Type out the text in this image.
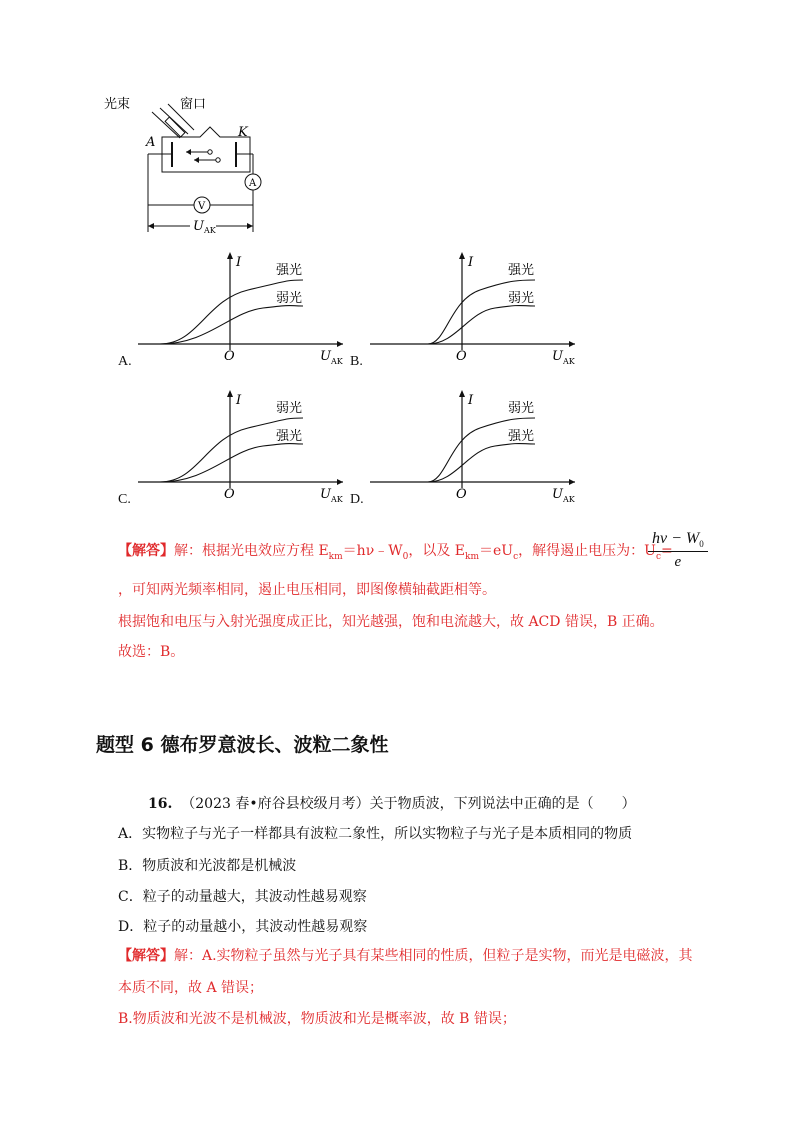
光束	窗口
A
K
A
V
$U_{AK}$
A.
I
O	$U_{AK}$
强光
弱光
B.
I
O	$U_{AK}$
强光
弱光
C.
I
O	$U_{AK}$
弱光
强光
D.
I
O	$U_{AK}$
弱光
强光
【解答】解：根据光电效应方程 $E_{km}=h\nu﹣W_0$，以及 $E_{km}=eU_c$，解得遏止电压为：$U_c=$
$\frac{h\nu - W_0}{e}$
，可知两光频率相同，遏止电压相同，即图像横轴截距相等。
根据饱和电压与入射光强度成正比，知光越强，饱和电流越大，故 ACD 错误，B 正确。
故选：B。
题型 6 德布罗意波长、波粒二象性
16. （2023 春•府谷县校级月考）关于物质波，下列说法中正确的是（　　）
A．实物粒子与光子一样都具有波粒二象性，所以实物粒子与光子是本质相同的物质
B．物质波和光波都是机械波
C．粒子的动量越大，其波动性越易观察
D．粒子的动量越小，其波动性越易观察
【解答】解：A.实物粒子虽然与光子具有某些相同的性质，但粒子是实物，而光是电磁波，其
本质不同，故 A 错误；
B.物质波和光波不是机械波，物质波和光是概率波，故 B 错误；
